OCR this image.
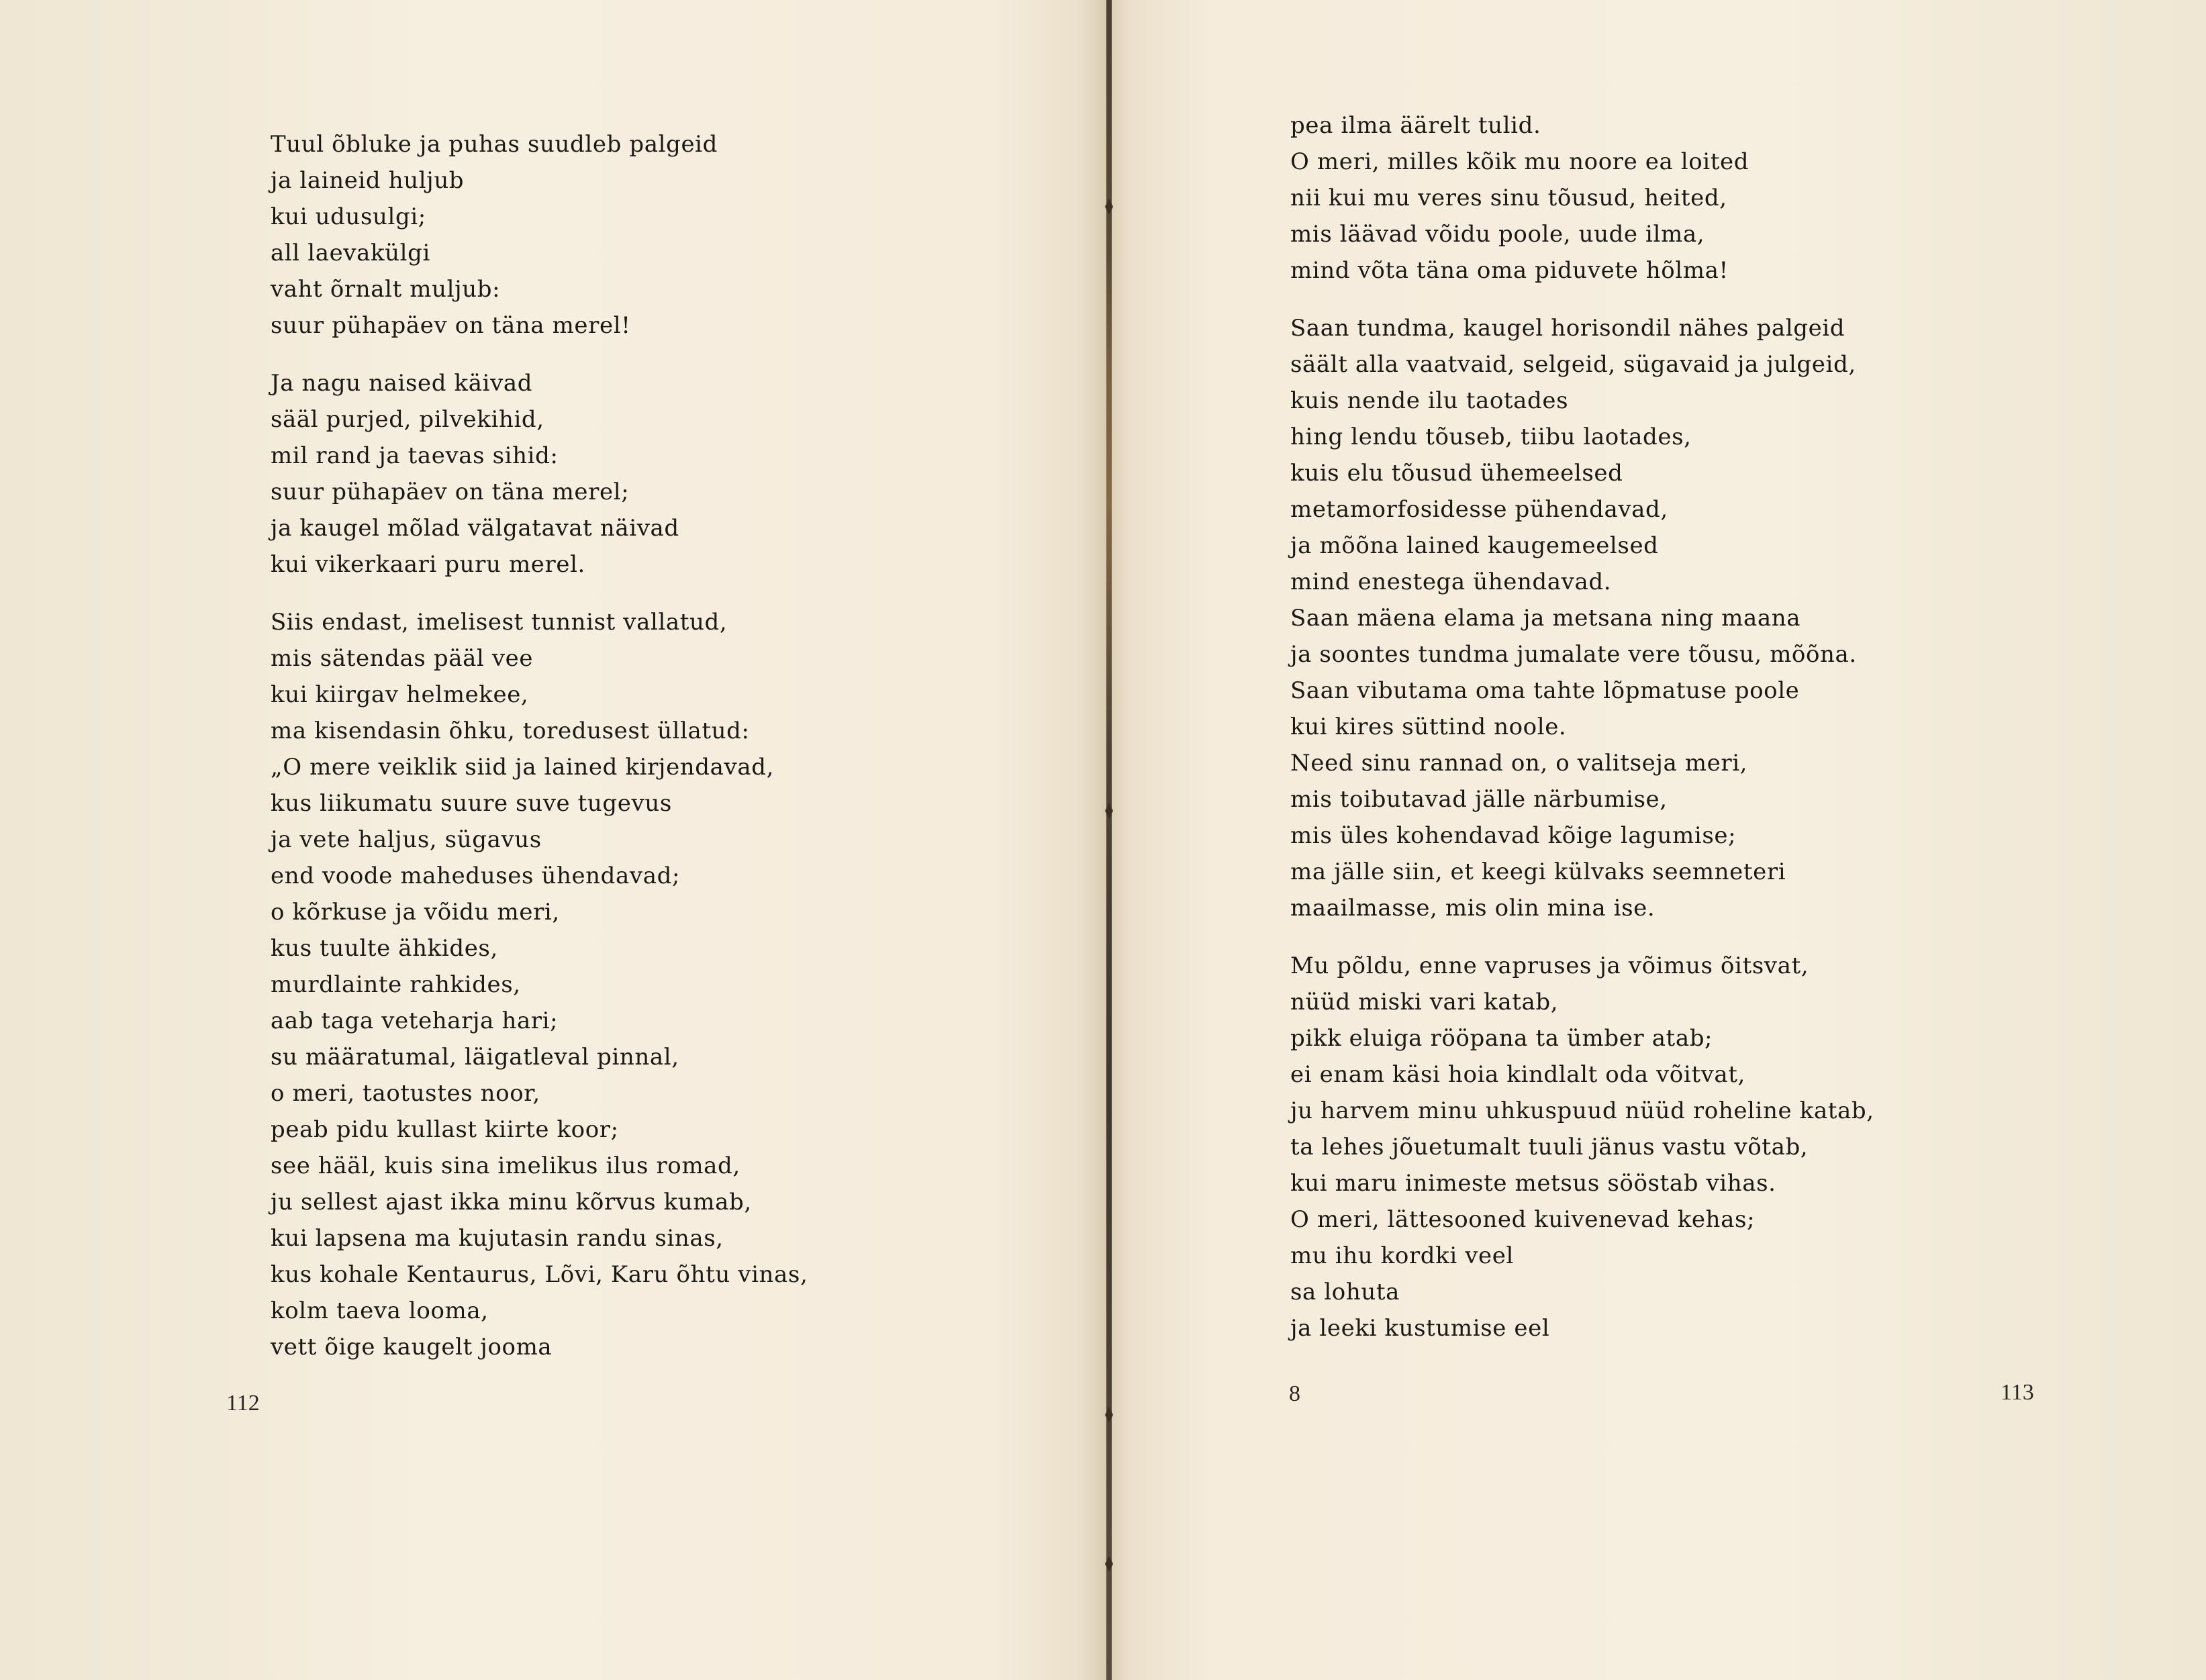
Tuul õbluke ja puhas suudleb palgeid
ja laineid huljub
kui udusulgi;
all laevakülgi
vaht õrnalt muljub:
suur pühapäev on täna merel!
Ja nagu naised käivad
sääl purjed, pilvekihid,
mil rand ja taevas sihid:
suur pühapäev on täna merel;
ja kaugel mõlad välgatavat näivad
kui vikerkaari puru merel.
Siis endast, imelisest tunnist vallatud,
mis sätendas pääl vee
kui kiirgav helmekee,
ma kisendasin õhku, toredusest üllatud:
„O mere veiklik siid ja lained kirjendavad,
kus liikumatu suure suve tugevus
ja vete haljus, sügavus
end voode maheduses ühendavad;
o kõrkuse ja võidu meri,
kus tuulte ähkides,
murdlainte rahkides,
aab taga veteharja hari;
su määratumal, läigatleval pinnal,
o meri, taotustes noor,
peab pidu kullast kiirte koor;
see hääl, kuis sina imelikus ilus romad,
ju sellest ajast ikka minu kõrvus kumab,
kui lapsena ma kujutasin randu sinas,
kus kohale Kentaurus, Lõvi, Karu õhtu vinas,
kolm taeva looma,
vett õige kaugelt jooma
112
pea ilma äärelt tulid.
O meri, milles kõik mu noore ea loited
nii kui mu veres sinu tõusud, heited,
mis läävad võidu poole, uude ilma,
mind võta täna oma piduvete hõlma!
Saan tundma, kaugel horisondil nähes palgeid
säält alla vaatvaid, selgeid, sügavaid ja julgeid,
kuis nende ilu taotades
hing lendu tõuseb, tiibu laotades,
kuis elu tõusud ühemeelsed
metamorfosidesse pühendavad,
ja mõõna lained kaugemeelsed
mind enestega ühendavad.
Saan mäena elama ja metsana ning maana
ja soontes tundma jumalate vere tõusu, mõõna.
Saan vibutama oma tahte lõpmatuse poole
kui kires süttind noole.
Need sinu rannad on, o valitseja meri,
mis toibutavad jälle närbumise,
mis üles kohendavad kõige lagumise;
ma jälle siin, et keegi külvaks seemneteri
maailmasse, mis olin mina ise.
Mu põldu, enne vapruses ja võimus õitsvat,
nüüd miski vari katab,
pikk eluiga rööpana ta ümber atab;
ei enam käsi hoia kindlalt oda võitvat,
ju harvem minu uhkuspuud nüüd roheline katab,
ta lehes jõuetumalt tuuli jänus vastu võtab,
kui maru inimeste metsus sööstab vihas.
O meri, lättesooned kuivenevad kehas;
mu ihu kordki veel
sa lohuta
ja leeki kustumise eel
8	113
